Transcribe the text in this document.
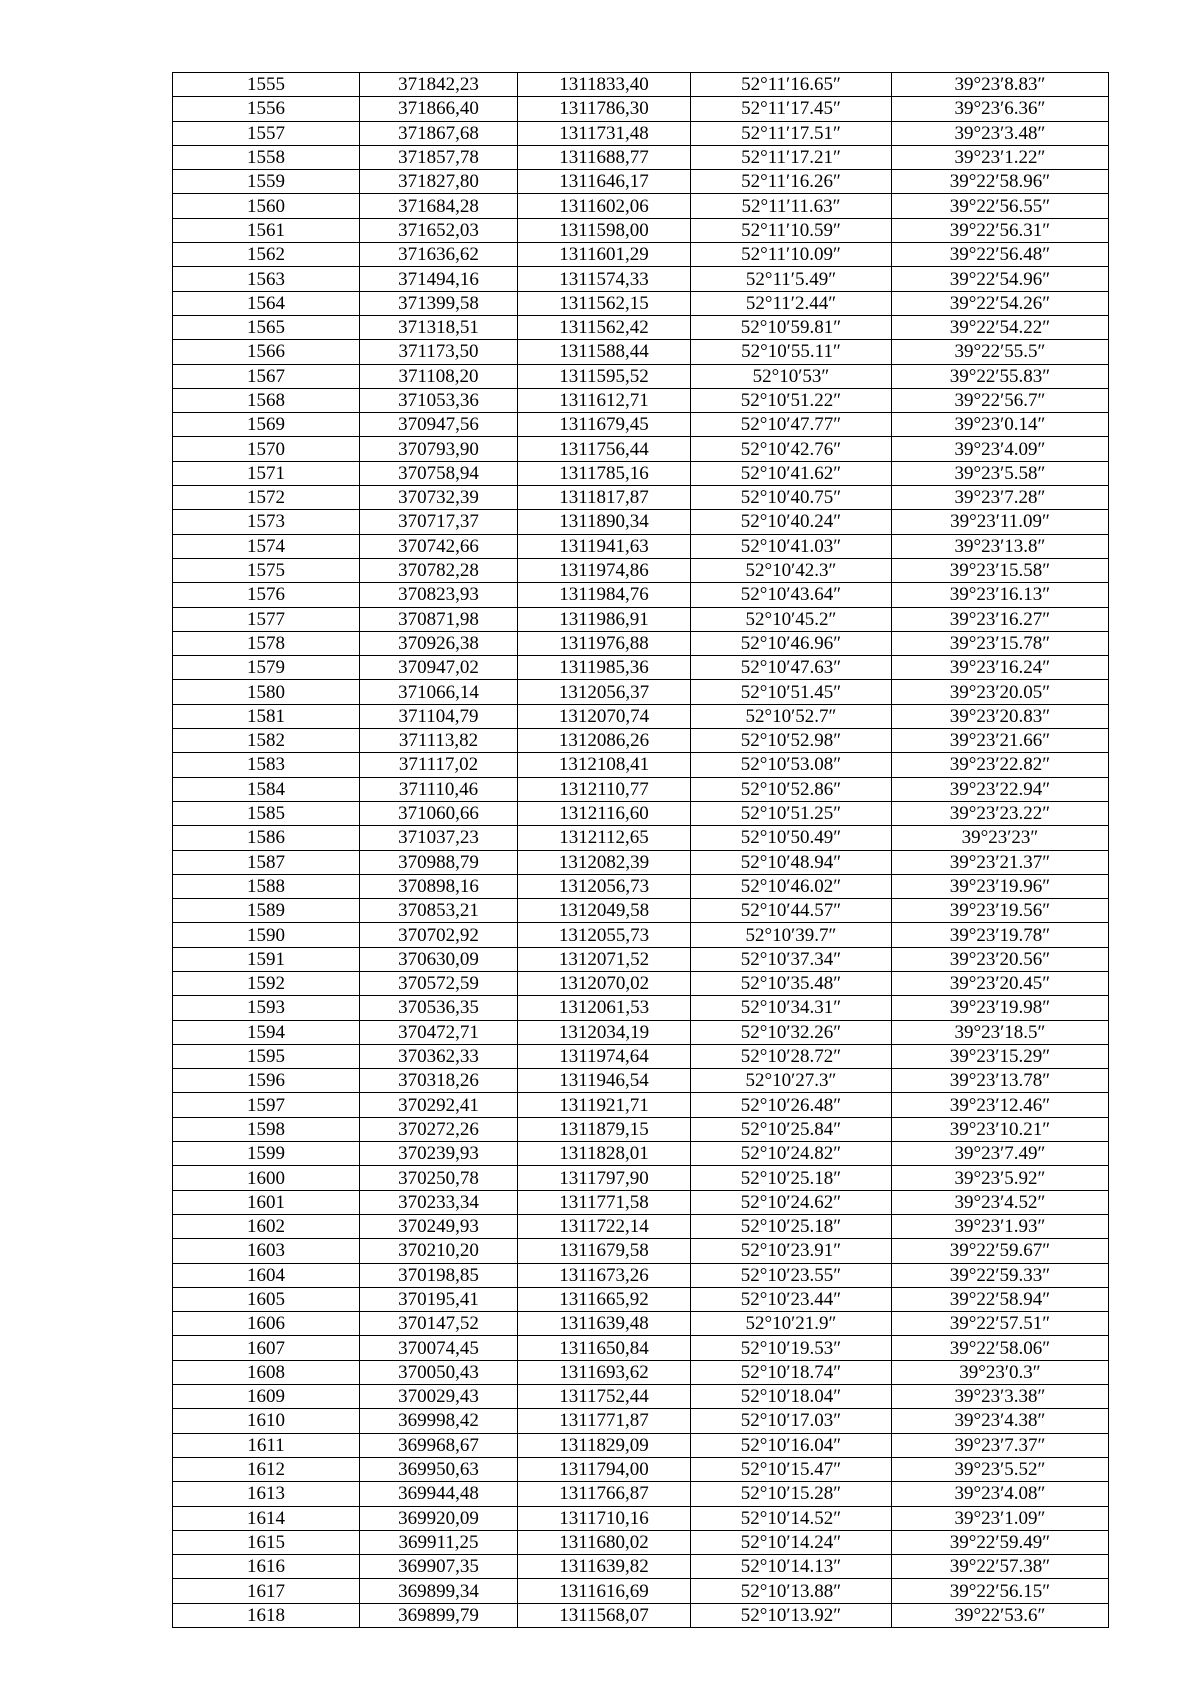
1555	371842,23	1311833,40	52°11′16.65″	39°23′8.83″
1556	371866,40	1311786,30	52°11′17.45″	39°23′6.36″
1557	371867,68	1311731,48	52°11′17.51″	39°23′3.48″
1558	371857,78	1311688,77	52°11′17.21″	39°23′1.22″
1559	371827,80	1311646,17	52°11′16.26″	39°22′58.96″
1560	371684,28	1311602,06	52°11′11.63″	39°22′56.55″
1561	371652,03	1311598,00	52°11′10.59″	39°22′56.31″
1562	371636,62	1311601,29	52°11′10.09″	39°22′56.48″
1563	371494,16	1311574,33	52°11′5.49″	39°22′54.96″
1564	371399,58	1311562,15	52°11′2.44″	39°22′54.26″
1565	371318,51	1311562,42	52°10′59.81″	39°22′54.22″
1566	371173,50	1311588,44	52°10′55.11″	39°22′55.5″
1567	371108,20	1311595,52	52°10′53″	39°22′55.83″
1568	371053,36	1311612,71	52°10′51.22″	39°22′56.7″
1569	370947,56	1311679,45	52°10′47.77″	39°23′0.14″
1570	370793,90	1311756,44	52°10′42.76″	39°23′4.09″
1571	370758,94	1311785,16	52°10′41.62″	39°23′5.58″
1572	370732,39	1311817,87	52°10′40.75″	39°23′7.28″
1573	370717,37	1311890,34	52°10′40.24″	39°23′11.09″
1574	370742,66	1311941,63	52°10′41.03″	39°23′13.8″
1575	370782,28	1311974,86	52°10′42.3″	39°23′15.58″
1576	370823,93	1311984,76	52°10′43.64″	39°23′16.13″
1577	370871,98	1311986,91	52°10′45.2″	39°23′16.27″
1578	370926,38	1311976,88	52°10′46.96″	39°23′15.78″
1579	370947,02	1311985,36	52°10′47.63″	39°23′16.24″
1580	371066,14	1312056,37	52°10′51.45″	39°23′20.05″
1581	371104,79	1312070,74	52°10′52.7″	39°23′20.83″
1582	371113,82	1312086,26	52°10′52.98″	39°23′21.66″
1583	371117,02	1312108,41	52°10′53.08″	39°23′22.82″
1584	371110,46	1312110,77	52°10′52.86″	39°23′22.94″
1585	371060,66	1312116,60	52°10′51.25″	39°23′23.22″
1586	371037,23	1312112,65	52°10′50.49″	39°23′23″
1587	370988,79	1312082,39	52°10′48.94″	39°23′21.37″
1588	370898,16	1312056,73	52°10′46.02″	39°23′19.96″
1589	370853,21	1312049,58	52°10′44.57″	39°23′19.56″
1590	370702,92	1312055,73	52°10′39.7″	39°23′19.78″
1591	370630,09	1312071,52	52°10′37.34″	39°23′20.56″
1592	370572,59	1312070,02	52°10′35.48″	39°23′20.45″
1593	370536,35	1312061,53	52°10′34.31″	39°23′19.98″
1594	370472,71	1312034,19	52°10′32.26″	39°23′18.5″
1595	370362,33	1311974,64	52°10′28.72″	39°23′15.29″
1596	370318,26	1311946,54	52°10′27.3″	39°23′13.78″
1597	370292,41	1311921,71	52°10′26.48″	39°23′12.46″
1598	370272,26	1311879,15	52°10′25.84″	39°23′10.21″
1599	370239,93	1311828,01	52°10′24.82″	39°23′7.49″
1600	370250,78	1311797,90	52°10′25.18″	39°23′5.92″
1601	370233,34	1311771,58	52°10′24.62″	39°23′4.52″
1602	370249,93	1311722,14	52°10′25.18″	39°23′1.93″
1603	370210,20	1311679,58	52°10′23.91″	39°22′59.67″
1604	370198,85	1311673,26	52°10′23.55″	39°22′59.33″
1605	370195,41	1311665,92	52°10′23.44″	39°22′58.94″
1606	370147,52	1311639,48	52°10′21.9″	39°22′57.51″
1607	370074,45	1311650,84	52°10′19.53″	39°22′58.06″
1608	370050,43	1311693,62	52°10′18.74″	39°23′0.3″
1609	370029,43	1311752,44	52°10′18.04″	39°23′3.38″
1610	369998,42	1311771,87	52°10′17.03″	39°23′4.38″
1611	369968,67	1311829,09	52°10′16.04″	39°23′7.37″
1612	369950,63	1311794,00	52°10′15.47″	39°23′5.52″
1613	369944,48	1311766,87	52°10′15.28″	39°23′4.08″
1614	369920,09	1311710,16	52°10′14.52″	39°23′1.09″
1615	369911,25	1311680,02	52°10′14.24″	39°22′59.49″
1616	369907,35	1311639,82	52°10′14.13″	39°22′57.38″
1617	369899,34	1311616,69	52°10′13.88″	39°22′56.15″
1618	369899,79	1311568,07	52°10′13.92″	39°22′53.6″
